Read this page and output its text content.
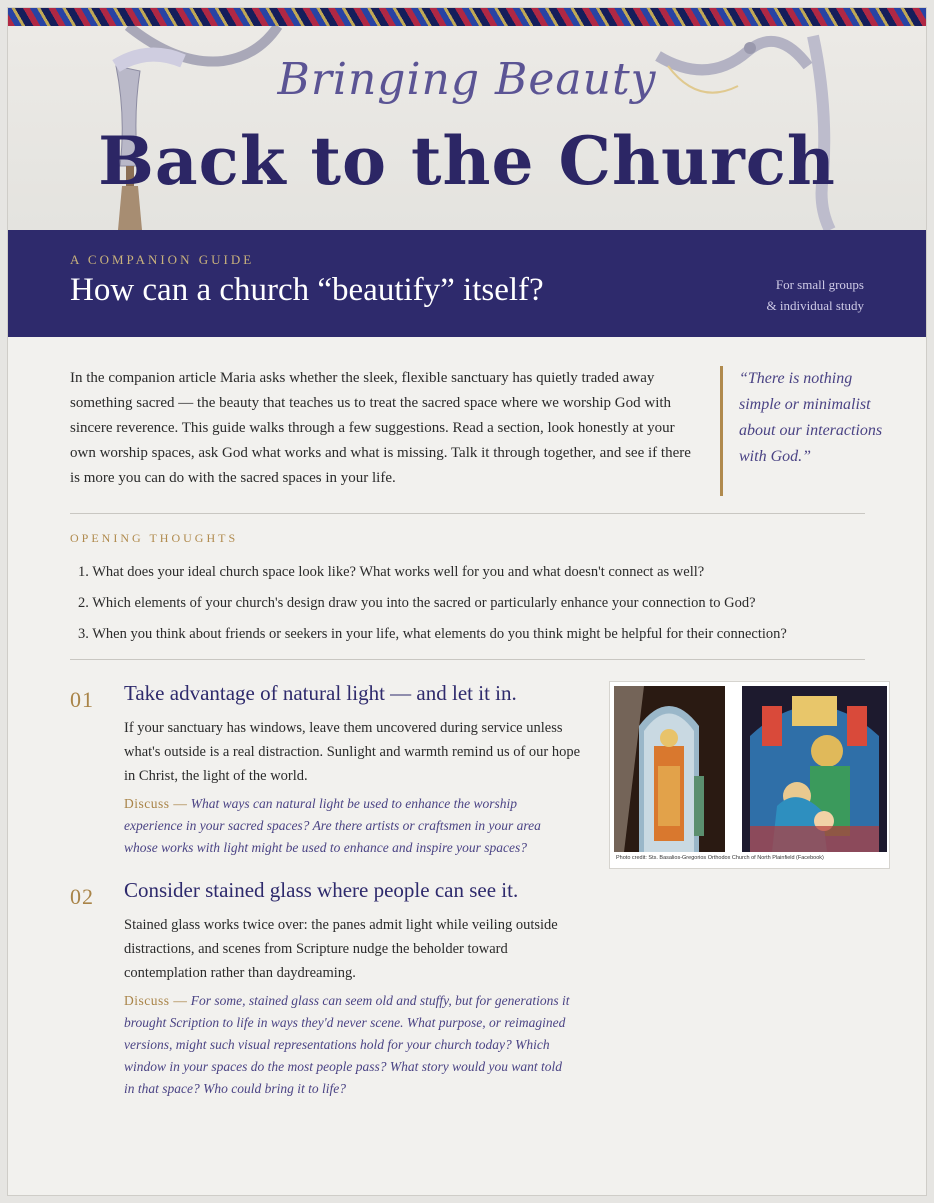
Bringing Beauty
Back to the Church
A COMPANION GUIDE
How can a church “beautify” itself?	For small groups
& individual study
In the companion article Maria asks whether the sleek, flexible sanctuary has quietly traded away something sacred — the beauty that teaches us to treat the sacred space where we worship God with sincere reverence. This guide walks through a few suggestions. Read a section, look honestly at your own worship spaces, ask God what works and what is missing. Talk it through together, and see if there is more you can do with the sacred spaces in your life.
“There is nothing simple or minimalist about our interactions with God.”
OPENING THOUGHTS
1. What does your ideal church space look like? What works well for you and what doesn't connect as well?
2. Which elements of your church's design draw you into the sacred or particularly enhance your connection to God?
3. When you think about friends or seekers in your life, what elements do you think might be helpful for their connection?
01 Take advantage of natural light — and let it in.
If your sanctuary has windows, leave them uncovered during service unless what's outside is a real distraction. Sunlight and warmth remind us of our hope in Christ, the light of the world.
Discuss — What ways can natural light be used to enhance the worship experience in your sacred spaces? Are there artists or craftsmen in your area whose works with light might be used to enhance and inspire your spaces?
Photo credit: Sts. Basalios-Gregorios Orthodox Church of North Plainfield (Facebook)
02 Consider stained glass where people can see it.
Stained glass works twice over: the panes admit light while veiling outside distractions, and scenes from Scripture nudge the beholder toward contemplation rather than daydreaming.
Discuss — For some, stained glass can seem old and stuffy, but for generations it brought Scription to life in ways they'd never scene. What purpose, or reimagined versions, might such visual representations hold for your church today? Which window in your spaces do the most people pass? What story would you want told in that space? Who could bring it to life?
